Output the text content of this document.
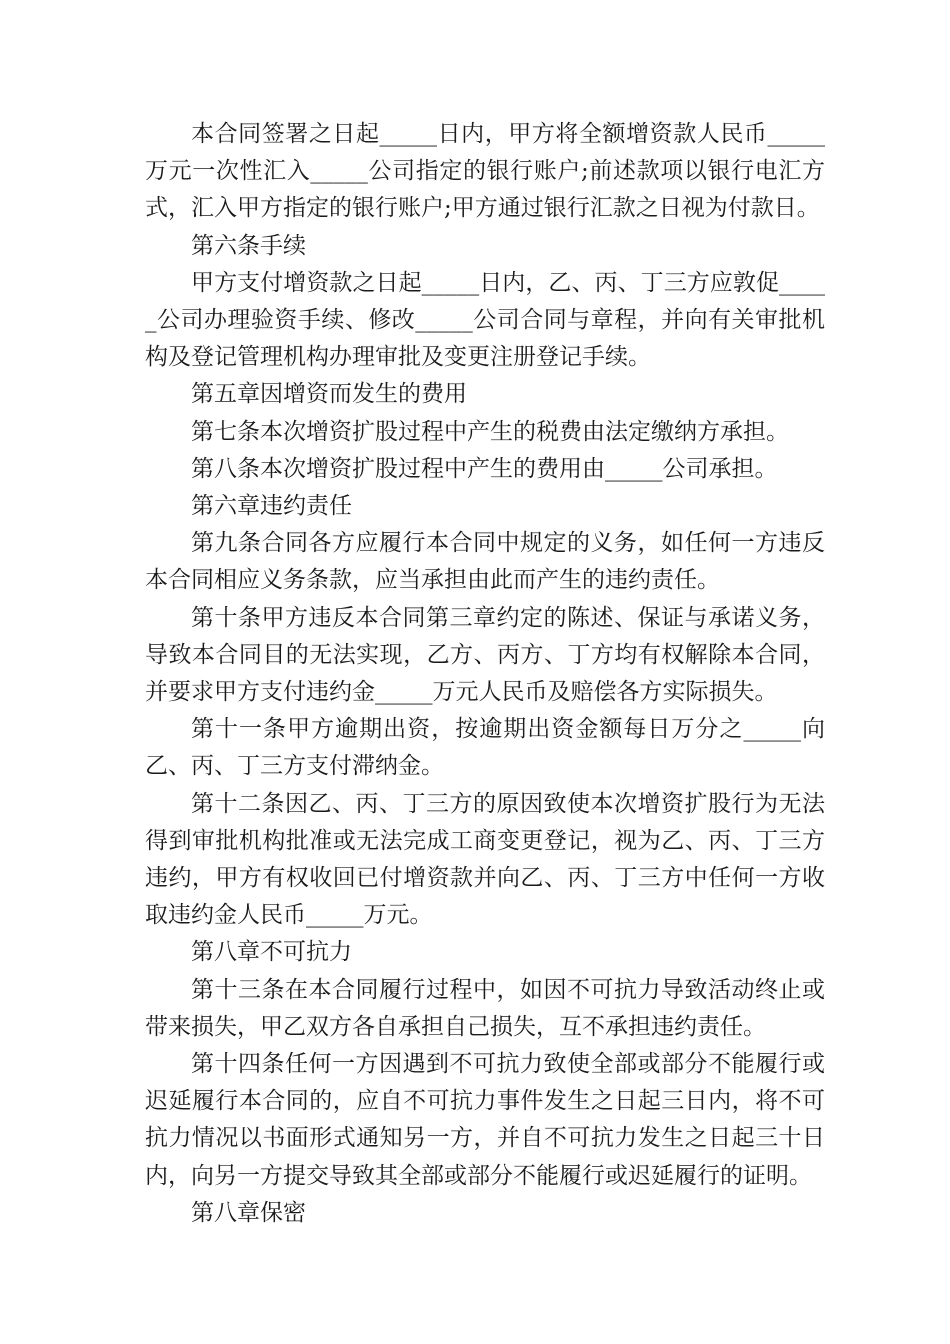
本合同签署之日起_____日内，甲方将全额增资款人民币_____万元一次性汇入_____公司指定的银行账户;前述款项以银行电汇方式，汇入甲方指定的银行账户;甲方通过银行汇款之日视为付款日。

第六条手续

甲方支付增资款之日起_____日内，乙、丙、丁三方应敦促_____公司办理验资手续、修改_____公司合同与章程，并向有关审批机构及登记管理机构办理审批及变更注册登记手续。

第五章因增资而发生的费用

第七条本次增资扩股过程中产生的税费由法定缴纳方承担。

第八条本次增资扩股过程中产生的费用由_____公司承担。

第六章违约责任

第九条合同各方应履行本合同中规定的义务，如任何一方违反本合同相应义务条款，应当承担由此而产生的违约责任。

第十条甲方违反本合同第三章约定的陈述、保证与承诺义务，导致本合同目的无法实现，乙方、丙方、丁方均有权解除本合同，并要求甲方支付违约金_____万元人民币及赔偿各方实际损失。

第十一条甲方逾期出资，按逾期出资金额每日万分之_____向乙、丙、丁三方支付滞纳金。

第十二条因乙、丙、丁三方的原因致使本次增资扩股行为无法得到审批机构批准或无法完成工商变更登记，视为乙、丙、丁三方违约，甲方有权收回已付增资款并向乙、丙、丁三方中任何一方收取违约金人民币_____万元。

第八章不可抗力

第十三条在本合同履行过程中，如因不可抗力导致活动终止或带来损失，甲乙双方各自承担自己损失，互不承担违约责任。

第十四条任何一方因遇到不可抗力致使全部或部分不能履行或迟延履行本合同的，应自不可抗力事件发生之日起三日内，将不可抗力情况以书面形式通知另一方，并自不可抗力发生之日起三十日内，向另一方提交导致其全部或部分不能履行或迟延履行的证明。

第八章保密
